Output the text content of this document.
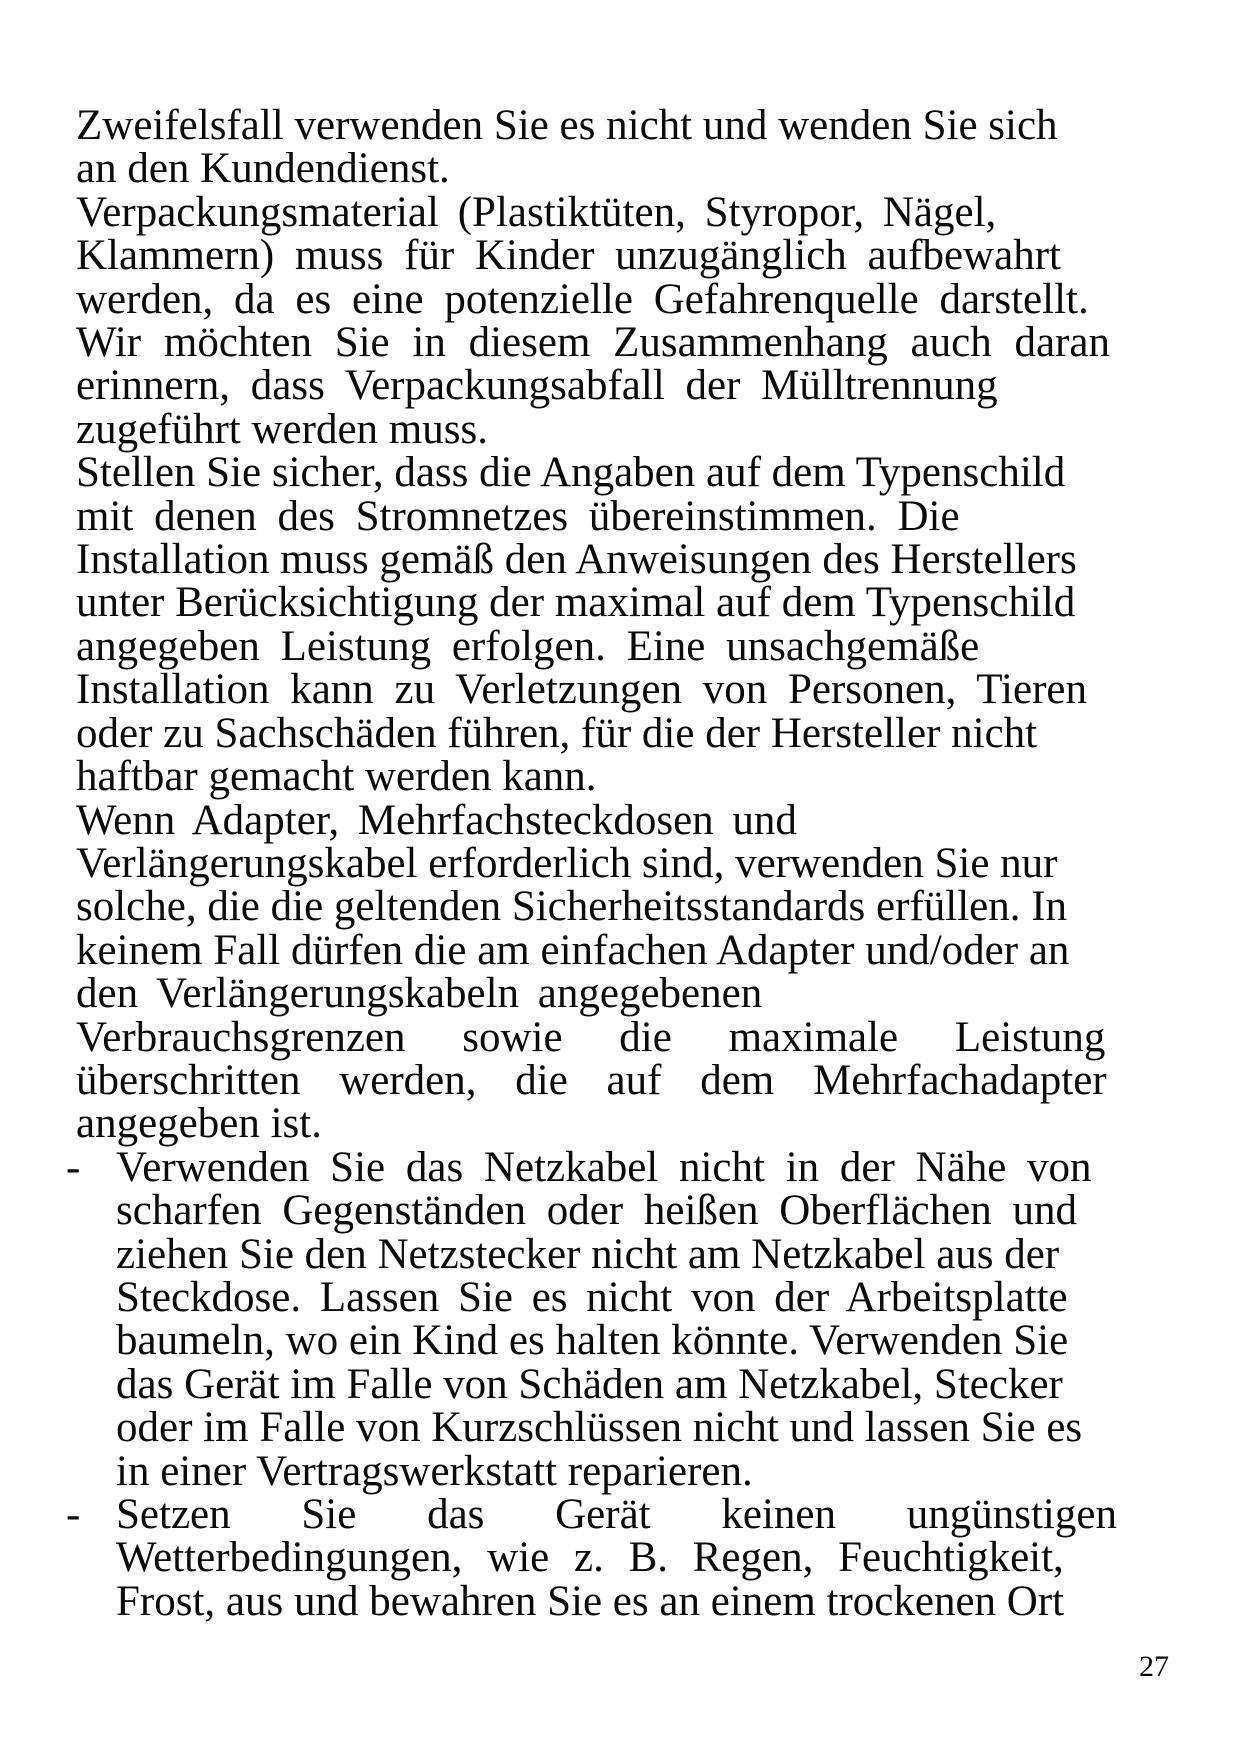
Zweifelsfall verwenden Sie es nicht und wenden Sie sich
an den Kundendienst.
Verpackungsmaterial (Plastiktüten, Styropor, Nägel,
Klammern) muss für Kinder unzugänglich aufbewahrt
werden, da es eine potenzielle Gefahrenquelle darstellt.
Wir möchten Sie in diesem Zusammenhang auch daran
erinnern, dass Verpackungsabfall der Mülltrennung
zugeführt werden muss.
Stellen Sie sicher, dass die Angaben auf dem Typenschild
mit denen des Stromnetzes übereinstimmen. Die
Installation muss gemäß den Anweisungen des Herstellers
unter Berücksichtigung der maximal auf dem Typenschild
angegeben Leistung erfolgen. Eine unsachgemäße
Installation kann zu Verletzungen von Personen, Tieren
oder zu Sachschäden führen, für die der Hersteller nicht
haftbar gemacht werden kann.
Wenn Adapter, Mehrfachsteckdosen und
Verlängerungskabel erforderlich sind, verwenden Sie nur
solche, die die geltenden Sicherheitsstandards erfüllen. In
keinem Fall dürfen die am einfachen Adapter und/oder an
den Verlängerungskabeln angegebenen
Verbrauchsgrenzen sowie die maximale Leistung
überschritten werden, die auf dem Mehrfachadapter
angegeben ist.
- Verwenden Sie das Netzkabel nicht in der Nähe von
scharfen Gegenständen oder heißen Oberflächen und
ziehen Sie den Netzstecker nicht am Netzkabel aus der
Steckdose. Lassen Sie es nicht von der Arbeitsplatte
baumeln, wo ein Kind es halten könnte. Verwenden Sie
das Gerät im Falle von Schäden am Netzkabel, Stecker
oder im Falle von Kurzschlüssen nicht und lassen Sie es
in einer Vertragswerkstatt reparieren.
- Setzen Sie das Gerät keinen ungünstigen
Wetterbedingungen, wie z. B. Regen, Feuchtigkeit,
Frost, aus und bewahren Sie es an einem trockenen Ort
27
